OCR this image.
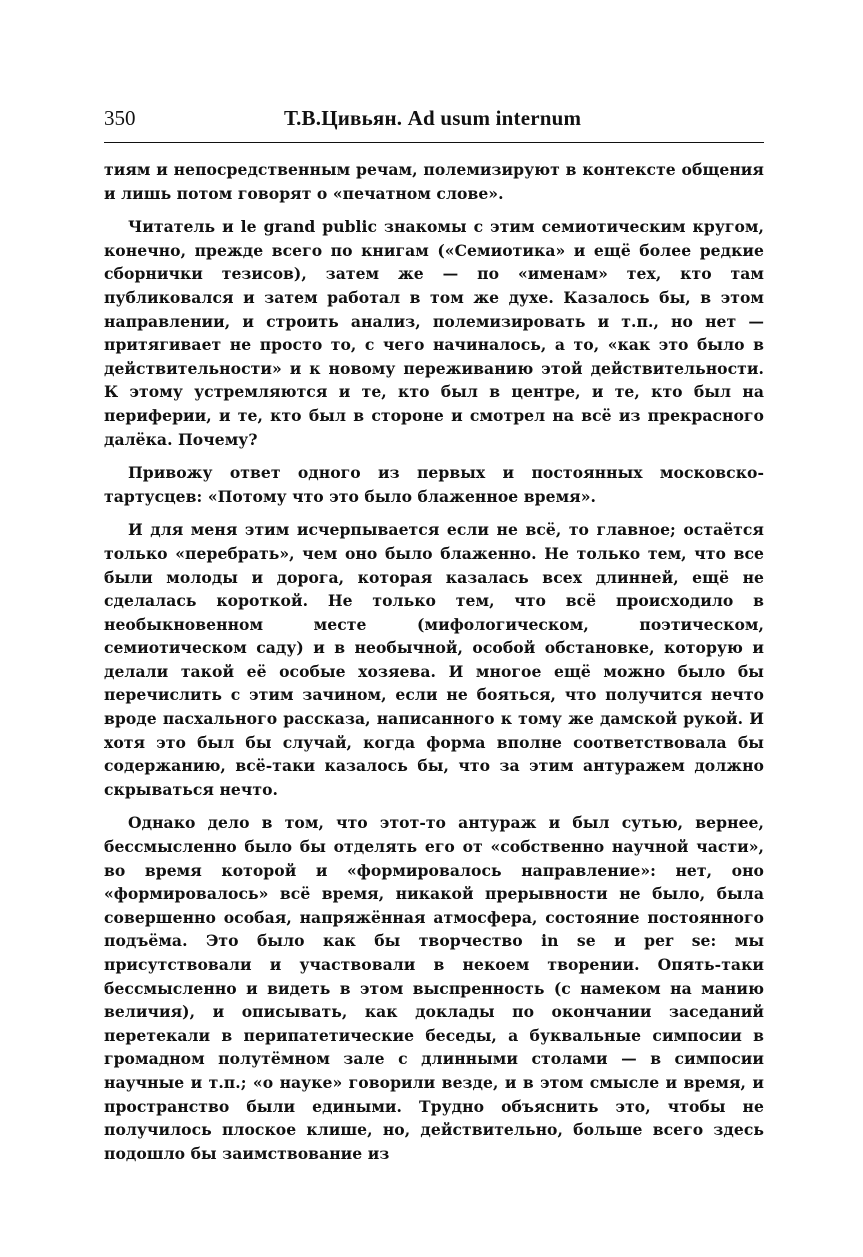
350	Т.В.Цивьян. Ad usum internum

тиям и непосредственным речам, полемизируют в контексте общения и лишь потом говорят о «печатном слове».

Читатель и le grand public знакомы с этим семиотическим кругом, конечно, прежде всего по книгам («Семиотика» и ещё более редкие сборнички тезисов), затем же — по «именам» тех, кто там публиковался и затем работал в том же духе. Казалось бы, в этом направлении, и строить анализ, полемизировать и т.п., но нет — притягивает не просто то, с чего начиналось, а то, «как это было в действительности» и к новому переживанию этой действительности. К этому устремляются и те, кто был в центре, и те, кто был на периферии, и те, кто был в стороне и смотрел на всё из прекрасного далёка. Почему?

Привожу ответ одного из первых и постоянных московско-тартусцев: «Потому что это было блаженное время».

И для меня этим исчерпывается если не всё, то главное; остаётся только «перебрать», чем оно было блаженно. Не только тем, что все были молоды и дорога, которая казалась всех длинней, ещё не сделалась короткой. Не только тем, что всё происходило в необыкновенном месте (мифологическом, поэтическом, семиотическом саду) и в необычной, особой обстановке, которую и делали такой её особые хозяева. И многое ещё можно было бы перечислить с этим зачином, если не бояться, что получится нечто вроде пасхального рассказа, написанного к тому же дамской рукой. И хотя это был бы случай, когда форма вполне соответствовала бы содержанию, всё-таки казалось бы, что за этим антуражем должно скрываться нечто.

Однако дело в том, что этот-то антураж и был сутью, вернее, бессмысленно было бы отделять его от «собственно научной части», во время которой и «формировалось направление»: нет, оно «формировалось» всё время, никакой прерывности не было, была совершенно особая, напряжённая атмосфера, состояние постоянного подъёма. Это было как бы творчество in se и per se: мы присутствовали и участвовали в некоем творении. Опять-таки бессмысленно и видеть в этом выспренность (с намеком на манию величия), и описывать, как доклады по окончании заседаний перетекали в перипатетические беседы, а буквальные симпосии в громадном полутёмном зале с длинными столами — в симпосии научные и т.п.; «о науке» говорили везде, и в этом смысле и время, и пространство были едиными. Трудно объяснить это, чтобы не получилось плоское клише, но, действительно, больше всего здесь подошло бы заимствование из
